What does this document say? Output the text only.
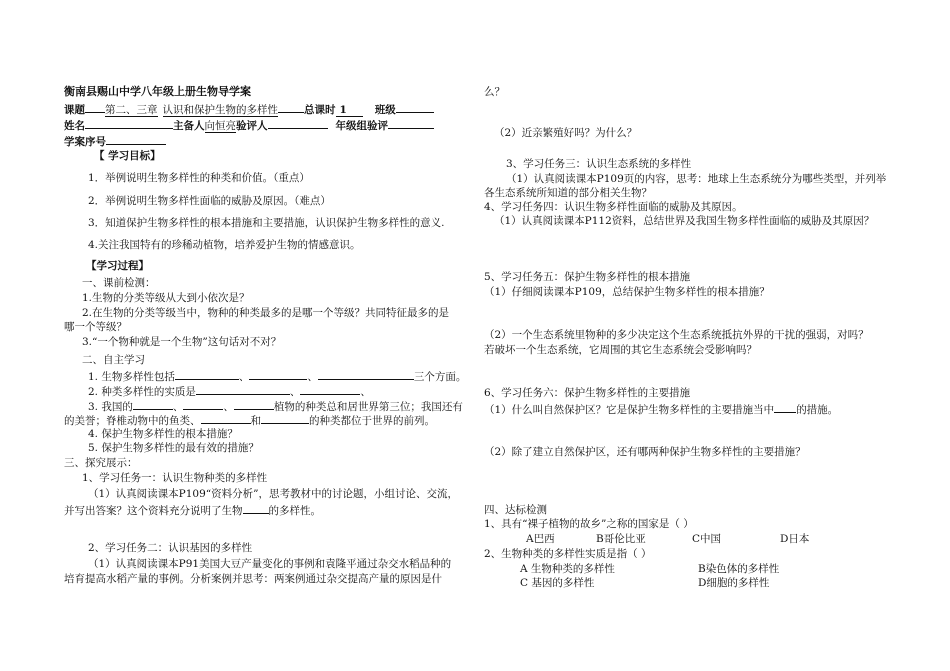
衡南县赐山中学八年级上册生物导学案
课题 第二、三章 认识和保护生物的多样性 总课时 1	班级
姓名	主备人向恒亮验评人	年级组验评
学案序号
【 学习目标】
1．举例说明生物多样性的种类和价值。（重点）
2．举例说明生物多样性面临的威胁及原因。（难点）
3．知道保护生物多样性的根本措施和主要措施，认识保护生物多样性的意义.
4.关注我国特有的珍稀动植物，培养爱护生物的情感意识。
【学习过程】
一、课前检测：
1.生物的分类等级从大到小依次是？
2.在生物的分类等级当中，物种的种类最多的是哪一个等级？共同特征最多的是
哪一个等级？
3.“一个物种就是一个生物”这句话对不对？
二、自主学习
1. 生物多样性包括	、	、	三个方面。
2. 种类多样性的实质是	、	、
3. 我国的	、	、	植物的种类总和居世界第三位；我国还有
的美誉；脊椎动物中的鱼类、	和	的种类都位于世界的前列。
4. 保护生物多样性的根本措施？
5. 保护生物多样性的最有效的措施？
三、探究展示：
1、学习任务一：认识生物种类的多样性
（1）认真阅读课本P109“资料分析”，思考教材中的讨论题，小组讨论、交流，
并写出答案？这个资料充分说明了生物 的多样性。
2、学习任务二：认识基因的多样性
（1）认真阅读课本P91美国大豆产量变化的事例和袁隆平通过杂交水稻品种的
培育提高水稻产量的事例。分析案例并思考：两案例通过杂交提高产量的原因是什
么？
（2）近亲繁殖好吗？为什么？
3、学习任务三：认识生态系统的多样性
（1）认真阅读课本P109页的内容，思考：地球上生态系统分为哪些类型，并列举
各生态系统所知道的部分相关生物？
4、学习任务四：认识生物多样性面临的威胁及其原因。
（1）认真阅读课本P112资料，总结世界及我国生物多样性面临的威胁及其原因？
5、学习任务五：保护生物多样性的根本措施
（1）仔细阅读课本P109，总结保护生物多样性的根本措施？
（2）一个生态系统里物种的多少决定这个生态系统抵抗外界的干扰的强弱，对吗？
若破坏一个生态系统，它周围的其它生态系统会受影响吗？
6、学习任务六：保护生物多样性的主要措施
（1）什么叫自然保护区？它是保护生物多样性的主要措施当中 的措施。
（2）除了建立自然保护区，还有哪两种保护生物多样性的主要措施？
四、达标检测
1、具有“裸子植物的故乡”之称的国家是（ ）
A巴西	B哥伦比亚	C中国	D日本
2、生物种类的多样性实质是指（ ）
A 生物种类的多样性	B染色体的多样性
C 基因的多样性	D细胞的多样性
